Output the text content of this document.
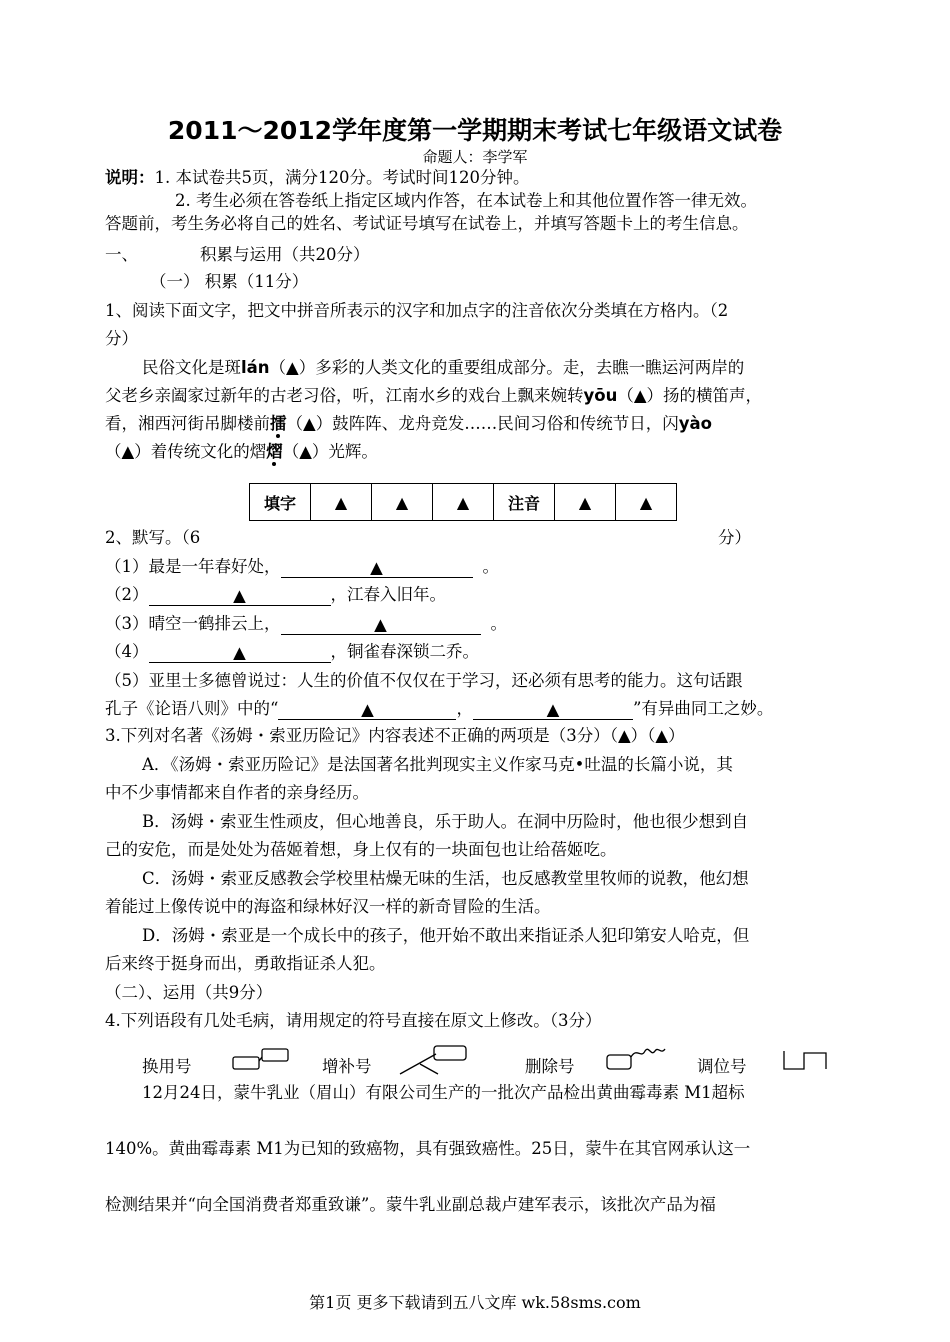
2011～2012学年度第一学期期末考试七年级语文试卷
命题人：李学军
说明：1. 本试卷共5页，满分120分。考试时间120分钟。
2. 考生必须在答卷纸上指定区域内作答，在本试卷上和其他位置作答一律无效。
答题前，考生务必将自己的姓名、考试证号填写在试卷上，并填写答题卡上的考生信息。
一、	积累与运用（共20分）
（一） 积累（11分）
1、阅读下面文字，把文中拼音所表示的汉字和加点字的注音依次分类填在方格内。（2
分）
民俗文化是斑lán（▲）多彩的人类文化的重要组成部分。走，去瞧一瞧运河两岸的
父老乡亲阖家过新年的古老习俗，听，江南水乡的戏台上飘来婉转yōu（▲）扬的横笛声，
看，湘西河街吊脚楼前擂（▲）鼓阵阵、龙舟竞发……民间习俗和传统节日，闪yào
（▲）着传统文化的熠熠（▲）光辉。
填字	▲	▲	▲	注音	▲	▲
2、默写。（6	分）
（1）最是一年春好处，	▲	。
（2）	▲	，江春入旧年。
（3）晴空一鹤排云上，	▲	。
（4）	▲	，铜雀春深锁二乔。
（5）亚里士多德曾说过：人生的价值不仅仅在于学习，还必须有思考的能力。这句话跟
孔子《论语八则》中的“	▲	，	▲	”有异曲同工之妙。
3.下列对名著《汤姆・索亚历险记》内容表述不正确的两项是（3分）（▲）（▲）
A．《汤姆・索亚历险记》是法国著名批判现实主义作家马克•吐温的长篇小说，其
中不少事情都来自作者的亲身经历。
B．汤姆・索亚生性顽皮，但心地善良，乐于助人。在洞中历险时，他也很少想到自
己的安危，而是处处为蓓姬着想，身上仅有的一块面包也让给蓓姬吃。
C．汤姆・索亚反感教会学校里枯燥无味的生活，也反感教堂里牧师的说教，他幻想
着能过上像传说中的海盗和绿林好汉一样的新奇冒险的生活。
D．汤姆・索亚是一个成长中的孩子，他开始不敢出来指证杀人犯印第安人哈克，但
后来终于挺身而出，勇敢指证杀人犯。
（二）、运用（共9分）
4.下列语段有几处毛病，请用规定的符号直接在原文上修改。（3分）
换用号	增补号	删除号	调位号
12月24日，蒙牛乳业（眉山）有限公司生产的一批次产品检出黄曲霉毒素 M1超标
140%。黄曲霉毒素 M1为已知的致癌物，具有强致癌性。25日，蒙牛在其官网承认这一
检测结果并“向全国消费者郑重致谦”。蒙牛乳业副总裁卢建军表示，该批次产品为福
第1页 更多下载请到五八文库 wk.58sms.com
